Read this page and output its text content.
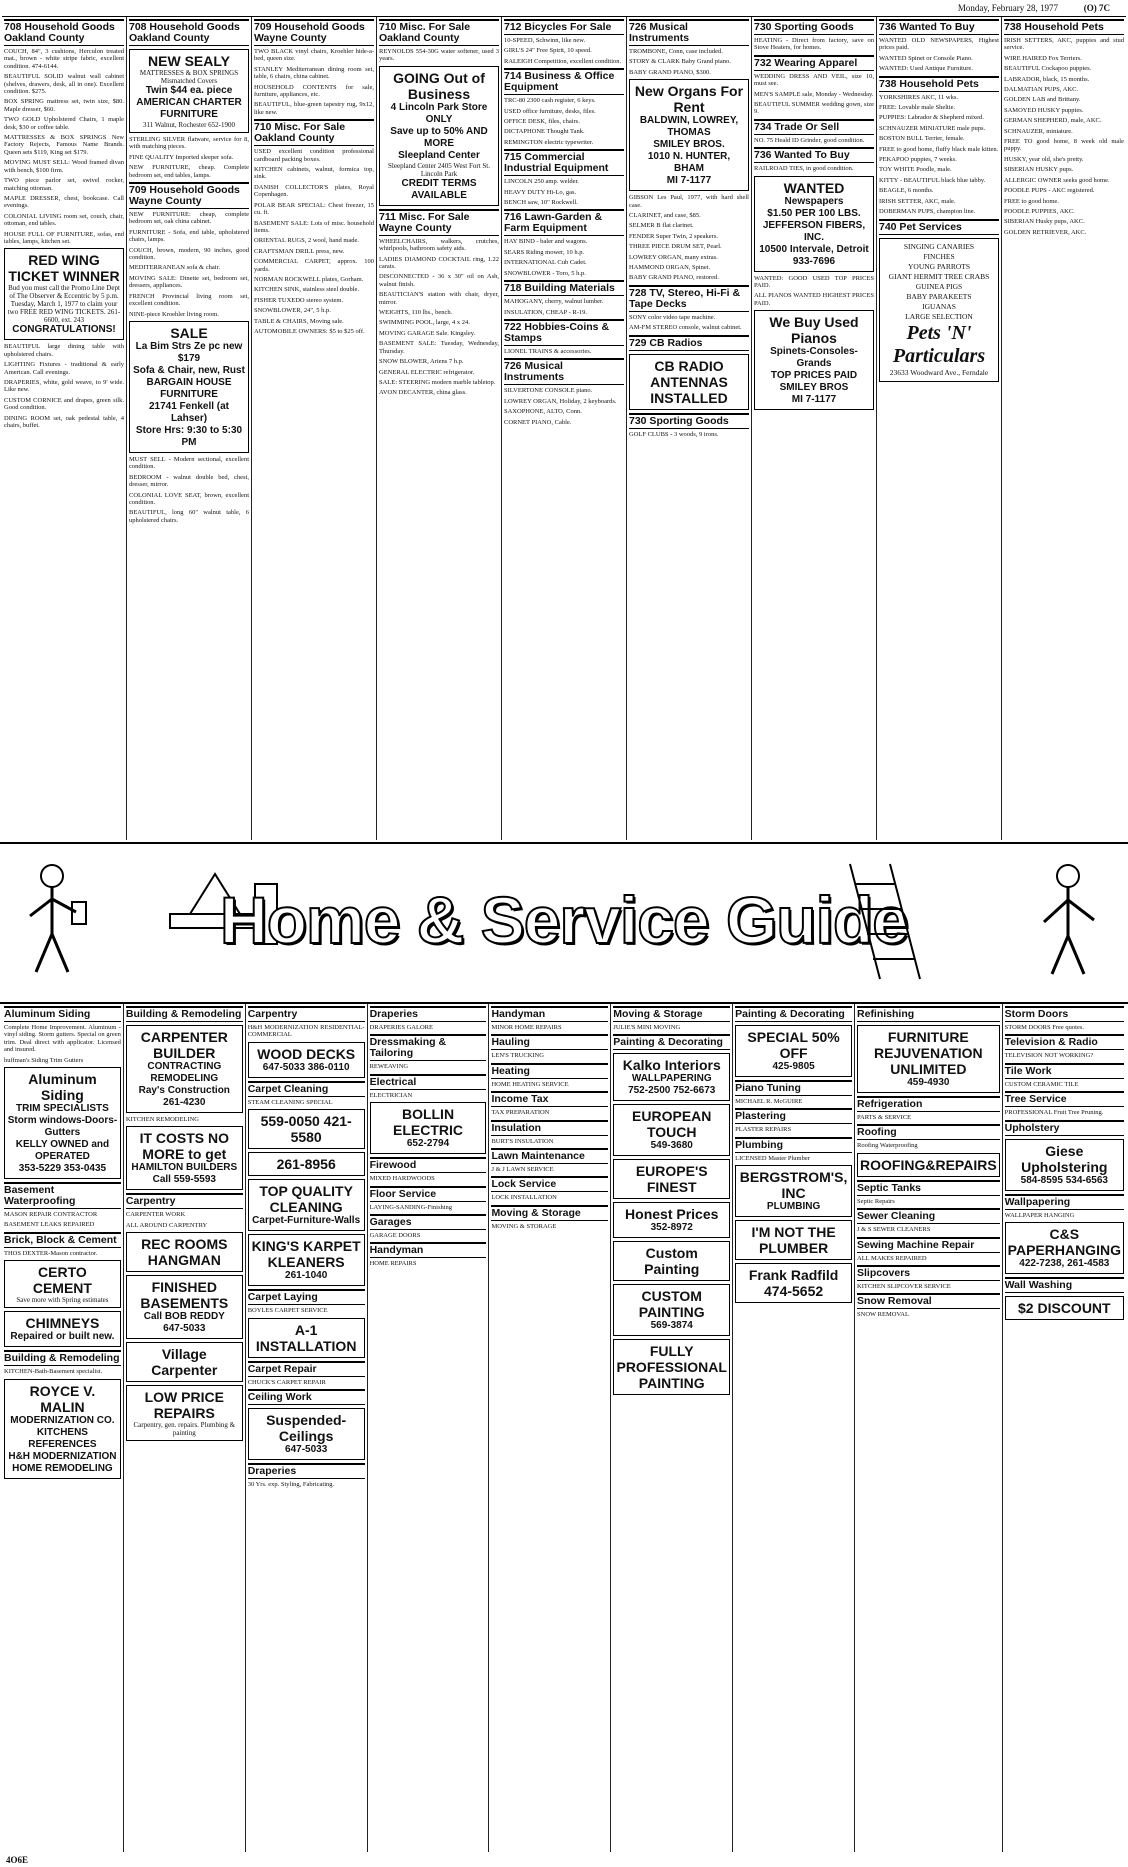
Monday, February 28, 1977	(O) 7C
708 Household Goods Oakland County
COUCH, 84", 3 cushions, Herculon treated mat., brown - white stripe fabric, excellent condition. 474-6144.
BEAUTIFUL SOLID walnut wall cabinet (shelves, drawers, desk, all in one). Excellent condition. $275.
BOX SPRING mattress set, twin size, $80. Maple dresser, $60.
TWO GOLD Upholstered Chairs, 1 maple desk, $30 or coffee table.
MATTRESSES & BOX SPRINGS New Factory Rejects, Famous Name Brands. Queen sets $119, King set $179.
MOVING MUST SELL: Wood framed divan with bench, $100 firm.
TWO piece parlor set, swivel rocker, matching ottoman.
MAPLE DRESSER, chest, bookcase. Call evenings.
COLONIAL LIVING room set, couch, chair, ottoman, end tables.
HOUSE FULL OF FURNITURE, sofas, end tables, lamps, kitchen set.
RED WING TICKET WINNER
Bud you must call the Promo Line Dept of The Observer & Eccentric by 5 p.m. Tuesday, March 1, 1977 to claim your two FREE RED WING TICKETS. 261-6600, ext. 243
CONGRATULATIONS!
BEAUTIFUL large dining table with upholstered chairs.
LIGHTING Fixtures - traditional & early American. Call evenings.
DRAPERIES, white, gold weave, to 9' wide. Like new.
CUSTOM CORNICE and drapes, green silk. Good condition.
DINING ROOM set, oak pedestal table, 4 chairs, buffet.
708 Household Goods Oakland County
NEW SEALY
MATTRESSES & BOX SPRINGS Mismatched Covers
Twin $44 ea. piece
AMERICAN CHARTER FURNITURE
311 Walnut, Rochester 652-1900
STERLING SILVER flatware, service for 8, with matching pieces.
FINE QUALITY Imported sleeper sofa.
NEW FURNITURE, cheap. Complete bedroom set, end tables, lamps.
709 Household Goods Wayne County
NEW FURNITURE: cheap, complete bedroom set, oak china cabinet.
FURNITURE - Sofa, end table, upholstered chairs, lamps.
COUCH, brown, modern, 90 inches, good condition.
MEDITERRANEAN sofa & chair.
MOVING SALE: Dinette set, bedroom set, dressers, appliances.
FRENCH Provincial living room set, excellent condition.
NINE-piece Kroehler living room.
SALE
La Bim Strs Ze pc new $179
Sofa & Chair, new, Rust
BARGAIN HOUSE FURNITURE
21741 Fenkell (at Lahser)
Store Hrs: 9:30 to 5:30 PM
MUST SELL - Modern sectional, excellent condition.
BEDROOM - walnut double bed, chest, dresser, mirror.
COLONIAL LOVE SEAT, brown, excellent condition.
BEAUTIFUL, long 60" walnut table, 6 upholstered chairs.
709 Household Goods Wayne County
TWO BLACK vinyl chairs, Kroehler hide-a-bed, queen size.
STANLEY Mediterranean dining room set, table, 6 chairs, china cabinet.
HOUSEHOLD CONTENTS for sale, furniture, appliances, etc.
BEAUTIFUL, blue-green tapestry rug, 9x12, like new.
710 Misc. For Sale Oakland County
USED excellent condition professional cardboard packing boxes.
KITCHEN cabinets, walnut, formica top, sink.
DANISH COLLECTOR'S plates, Royal Copenhagen.
POLAR BEAR SPECIAL: Chest freezer, 15 cu. ft.
BASEMENT SALE: Lots of misc. household items.
ORIENTAL RUGS, 2 wool, hand made.
CRAFTSMAN DRILL press, new.
COMMERCIAL CARPET, approx. 100 yards.
NORMAN ROCKWELL plates, Gorham.
KITCHEN SINK, stainless steel double.
FISHER TUXEDO stereo system.
SNOWBLOWER, 24", 5 h.p.
TABLE & CHAIRS, Moving sale.
AUTOMOBILE OWNERS: $5 to $25 off.
710 Misc. For Sale Oakland County
REYNOLDS 554-30G water softener, used 3 years.
GOING Out of Business
4 Lincoln Park Store ONLY
Save up to 50% AND MORE
Sleepland Center
Sleepland Center 2405 West Fort St. Lincoln Park
CREDIT TERMS AVAILABLE
711 Misc. For Sale Wayne County
WHEELCHAIRS, walkers, crutches, whirlpools, bathroom safety aids.
LADIES DIAMOND COCKTAIL ring, 1.22 carats.
DISCONNECTED - 36 x 30" oil on Ash, walnut finish.
BEAUTICIAN'S station with chair, dryer, mirror.
WEIGHTS, 110 lbs., bench.
SWIMMING POOL, large, 4 x 24.
MOVING GARAGE Sale. Kingsley.
BASEMENT SALE: Tuesday, Wednesday, Thursday.
SNOW BLOWER, Ariens 7 h.p.
GENERAL ELECTRIC refrigerator.
SALE: STEERING modern marble tabletop.
AVON DECANTER, china glass.
712 Bicycles For Sale
10-SPEED, Schwinn, like new.
GIRL'S 24" Free Spirit, 10 speed.
RALEIGH Competition, excellent condition.
714 Business & Office Equipment
TRC-80 2300 cash register, 6 keys.
USED office furniture, desks, files.
OFFICE DESK, files, chairs.
DICTAPHONE Thought Tank.
REMINGTON electric typewriter.
715 Commercial Industrial Equipment
LINCOLN 250 amp. welder.
HEAVY DUTY Hi-Lo, gas.
BENCH saw, 10" Rockwell.
716 Lawn-Garden & Farm Equipment
HAY BIND - baler and wagons.
SEARS Riding mower, 10 h.p.
INTERNATIONAL Cub Cadet.
SNOWBLOWER - Toro, 5 h.p.
718 Building Materials
MAHOGANY, cherry, walnut lumber.
INSULATION, CHEAP - R-19.
722 Hobbies-Coins & Stamps
LIONEL TRAINS & accessories.
726 Musical Instruments
SILVERTONE CONSOLE piano.
LOWREY ORGAN, Holiday, 2 keyboards.
SAXOPHONE, ALTO, Conn.
CORNET PIANO, Cable.
726 Musical Instruments
TROMBONE, Conn, case included.
STORY & CLARK Baby Grand piano.
BABY GRAND PIANO, $300.
New Organs For Rent
BALDWIN, LOWREY, THOMAS
SMILEY BROS.
1010 N. HUNTER, BHAM
MI 7-1177
GIBSON Les Paul, 1977, with hard shell case.
CLARINET, and case, $85.
SELMER B flat clarinet.
FENDER Super Twin, 2 speakers.
THREE PIECE DRUM SET, Pearl.
LOWREY ORGAN, many extras.
HAMMOND ORGAN, Spinet.
BABY GRAND PIANO, restored.
728 TV, Stereo, Hi-Fi & Tape Decks
SONY color video tape machine.
AM-FM STEREO console, walnut cabinet.
729 CB Radios
CB RADIO ANTENNAS INSTALLED
730 Sporting Goods
GOLF CLUBS - 3 woods, 9 irons.
730 Sporting Goods
HEATING - Direct from factory, save on Stove Heaters, for homes.
732 Wearing Apparel
WEDDING DRESS AND VEIL, size 10, must see.
MEN'S SAMPLE sale, Monday - Wednesday.
BEAUTIFUL SUMMER wedding gown, size 9.
734 Trade Or Sell
NO. 75 Heald ID Grinder, good condition.
736 Wanted To Buy
RAILROAD TIES, in good condition.
WANTED
Newspapers
$1.50 PER 100 LBS.
JEFFERSON FIBERS, INC.
10500 Intervale, Detroit
933-7696
WANTED: GOOD USED TOP PRICES PAID.
ALL PIANOS WANTED HIGHEST PRICES PAID.
We Buy Used Pianos
Spinets-Consoles-Grands
TOP PRICES PAID
SMILEY BROS
MI 7-1177
736 Wanted To Buy
WANTED OLD NEWSPAPERS, Highest prices paid.
WANTED Spinet or Console Piano.
WANTED: Used Antique Furniture.
738 Household Pets
YORKSHIRES AKC, 11 wks.
FREE: Lovable male Sheltie.
PUPPIES: Labrador & Shepherd mixed.
SCHNAUZER MINIATURE male pups.
BOSTON BULL Terrier, female.
FREE to good home, fluffy black male kitten.
PEKAPOO puppies, 7 weeks.
TOY WHITE Poodle, male.
KITTY - BEAUTIFUL black blue tabby.
BEAGLE, 6 months.
IRISH SETTER, AKC, male.
DOBERMAN PUPS, champion line.
740 Pet Services
SINGING CANARIES
FINCHES
YOUNG PARROTS
GIANT HERMIT TREE CRABS
GUINEA PIGS
BABY PARAKEETS
IGUANAS
LARGE SELECTION
Pets 'N' Particulars
23633 Woodward Ave., Ferndale
738 Household Pets
IRISH SETTERS, AKC, puppies and stud service.
WIRE HAIRED Fox Terriers.
BEAUTIFUL Cockapoo puppies.
LABRADOR, black, 15 months.
DALMATIAN PUPS, AKC.
GOLDEN LAB and Brittany.
SAMOYED HUSKY puppies.
GERMAN SHEPHERD, male, AKC.
SCHNAUZER, miniature.
FREE TO good home, 8 week old male puppy.
HUSKY, year old, she's pretty.
SIBERIAN HUSKY pups.
ALLERGIC OWNER seeks good home.
POODLE PUPS - AKC registered.
FREE to good home.
POODLE PUPPIES, AKC.
SIBERIAN Husky pups, AKC.
GOLDEN RETRIEVER, AKC.
Home & Service Guide
Aluminum Siding
Complete Home Improvement. Aluminum - vinyl siding. Storm gutters. Special on green trim. Deal direct with applicator. Licensed and insured.
huffman's Siding Trim Gutters
Aluminum Siding
TRIM SPECIALISTS
Storm windows-Doors-Gutters
KELLY OWNED and OPERATED
353-5229 353-0435
Basement Waterproofing
MASON REPAIR CONTRACTOR
BASEMENT LEAKS REPAIRED
Brick, Block & Cement
THOS DEXTER-Mason contractor.
CERTO CEMENT
Save more with Spring estimates
CHIMNEYS
Repaired or built new.
Building & Remodeling
KITCHEN-Bath-Basement specialist.
ROYCE V. MALIN
MODERNIZATION CO.
KITCHENS
REFERENCES
H&H MODERNIZATION
HOME REMODELING
Building & Remodeling
CARPENTER BUILDER
CONTRACTING REMODELING
Ray's Construction
261-4230
KITCHEN REMODELING
IT COSTS NO MORE to get
HAMILTON BUILDERS
Call 559-5593
Carpentry
CARPENTER WORK
ALL AROUND CARPENTRY
REC ROOMS HANGMAN
FINISHED BASEMENTS
Call BOB REDDY
647-5033
Village Carpenter
LOW PRICE REPAIRS
Carpentry, gen. repairs. Plumbing & painting
Carpentry
H&H MODERNIZATION RESIDENTIAL-COMMERCIAL
WOOD DECKS
647-5033 386-0110
Carpet Cleaning
STEAM CLEANING SPECIAL
559-0050 421-5580
261-8956
TOP QUALITY CLEANING
Carpet-Furniture-Walls
KING'S KARPET KLEANERS
261-1040
Carpet Laying
BOYLES CARPET SERVICE
A-1 INSTALLATION
Carpet Repair
CHUCK'S CARPET REPAIR
Ceiling Work
Suspended- Ceilings
647-5033
Draperies
30 Yrs. exp. Styling, Fabricating.
Draperies
DRAPERIES GALORE
Dressmaking & Tailoring
REWEAVING
Electrical
ELECTRICIAN
BOLLIN ELECTRIC
652-2794
Firewood
MIXED HARDWOODS
Floor Service
LAYING-SANDING-Finishing
Garages
GARAGE DOORS
Handyman
HOME REPAIRS
Handyman
MINOR HOME REPAIRS
Hauling
LEN'S TRUCKING
Heating
HOME HEATING SERVICE
Income Tax
TAX PREPARATION
Insulation
BURT'S INSULATION
Lawn Maintenance
J & J LAWN SERVICE
Lock Service
LOCK INSTALLATION
Moving & Storage
MOVING & STORAGE
Moving & Storage
JULIE'S MINI MOVING
Painting & Decorating
Kalko Interiors
WALLPAPERING
752-2500 752-6673
EUROPEAN TOUCH
549-3680
EUROPE'S FINEST
Honest Prices
352-8972
Custom Painting
CUSTOM PAINTING
569-3874
FULLY PROFESSIONAL PAINTING
Painting & Decorating
SPECIAL 50% OFF
425-9805
Piano Tuning
MICHAEL R. McGUIRE
Plastering
PLASTER REPAIRS
Plumbing
LICENSED Master Plumber
BERGSTROM'S, INC
PLUMBING
I'M NOT THE PLUMBER
Frank Radfild 474-5652
Refinishing
FURNITURE REJUVENATION UNLIMITED
459-4930
Refrigeration
PARTS & SERVICE
Roofing
Roofing Waterproofing
ROOFING&REPAIRS
Septic Tanks
Septic Repairs
Sewer Cleaning
J & S SEWER CLEANERS
Sewing Machine Repair
ALL MAKES REPAIRED
Slipcovers
KITCHEN SLIPCOVER SERVICE
Snow Removal
SNOW REMOVAL
Storm Doors
STORM DOORS Free quotes.
Television & Radio
TELEVISION NOT WORKING?
Tile Work
CUSTOM CERAMIC TILE
Tree Service
PROFESSIONAL Fruit Tree Pruning.
Upholstery
Giese Upholstering
584-8595 534-6563
Wallpapering
WALLPAPER HANGING
C&S PAPERHANGING
422-7238, 261-4583
Wall Washing
$2 DISCOUNT
4O6E
